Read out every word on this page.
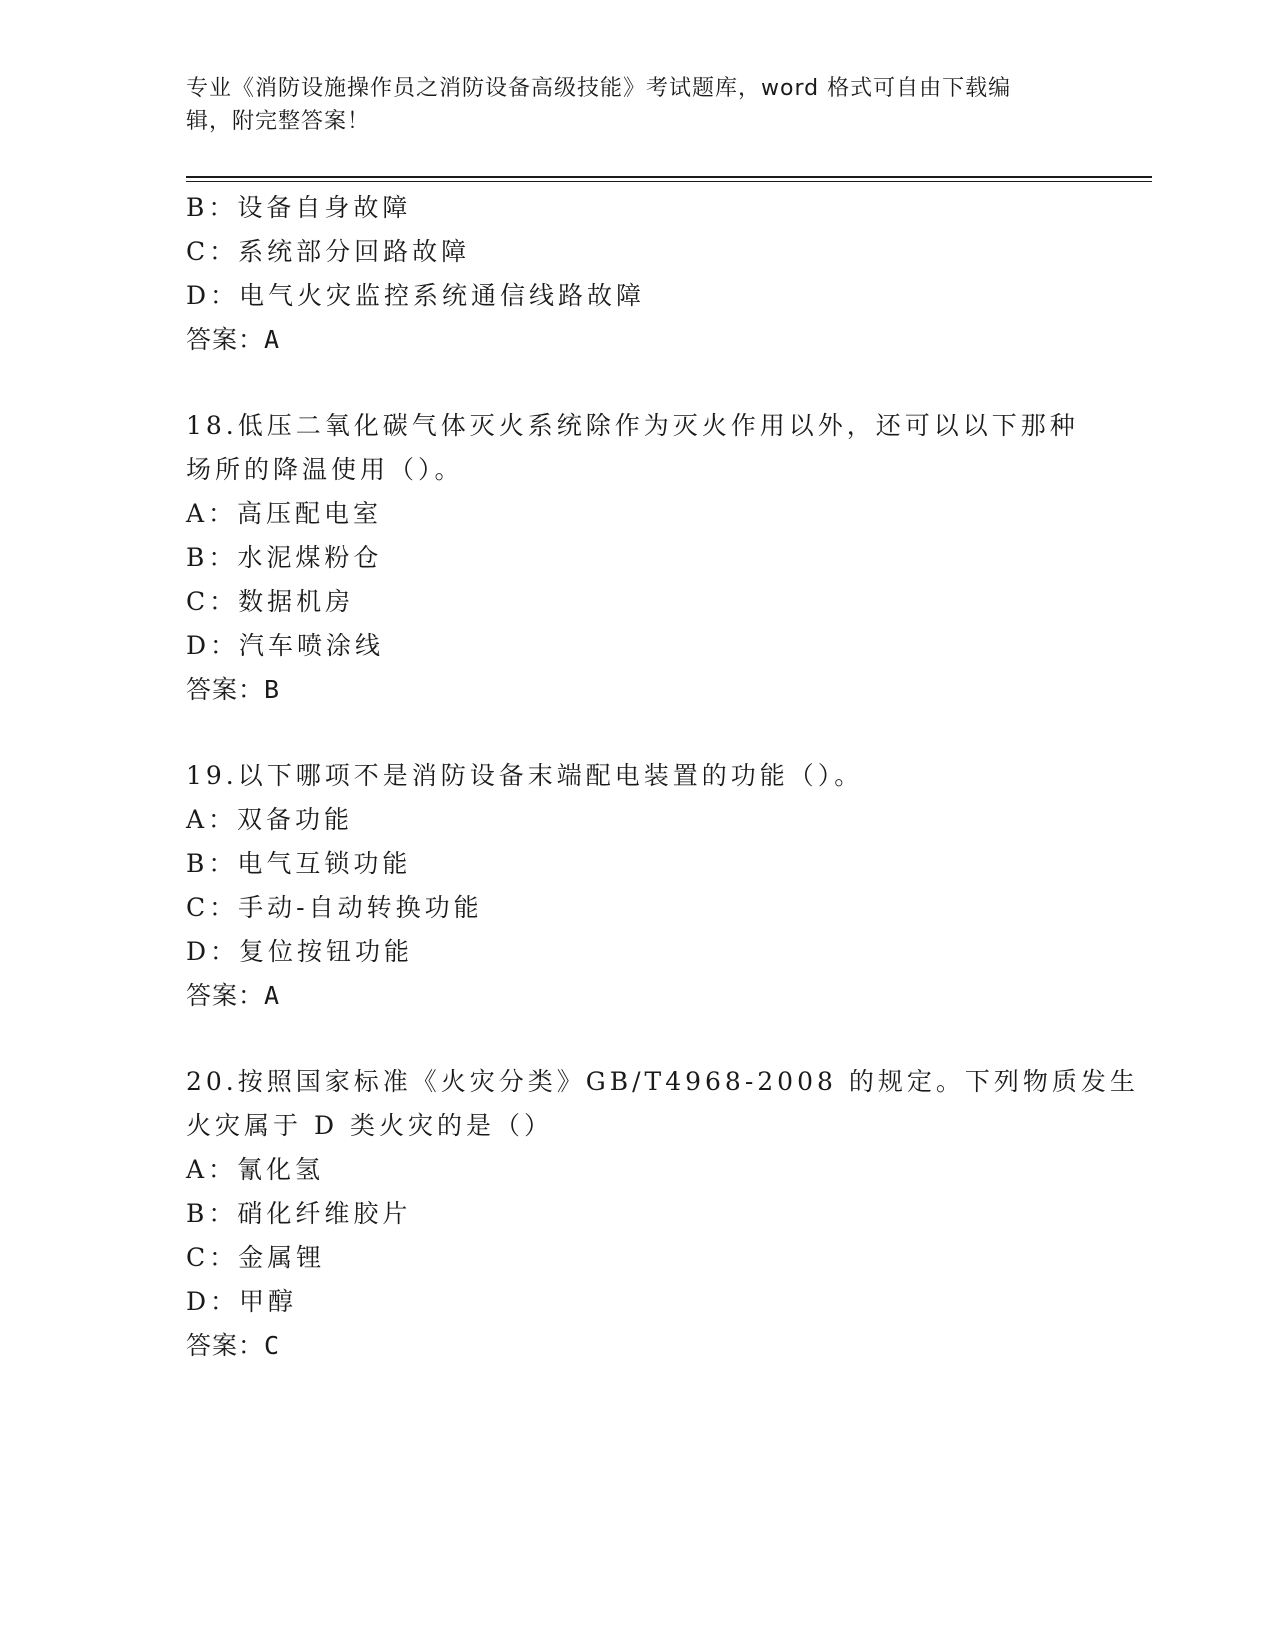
专业《消防设施操作员之消防设备高级技能》考试题库，word 格式可自由下载编
辑，附完整答案！
B：设备自身故障
C：系统部分回路故障
D：电气火灾监控系统通信线路故障
答案：A
18.低压二氧化碳气体灭火系统除作为灭火作用以外，还可以以下那种
场所的降温使用（）。
A：高压配电室
B：水泥煤粉仓
C：数据机房
D：汽车喷涂线
答案：B
19.以下哪项不是消防设备末端配电装置的功能（）。
A：双备功能
B：电气互锁功能
C：手动-自动转换功能
D：复位按钮功能
答案：A
20.按照国家标准《火灾分类》GB/T4968-2008 的规定。下列物质发生
火灾属于 D 类火灾的是（）
A：氰化氢
B：硝化纤维胶片
C：金属锂
D：甲醇
答案：C
